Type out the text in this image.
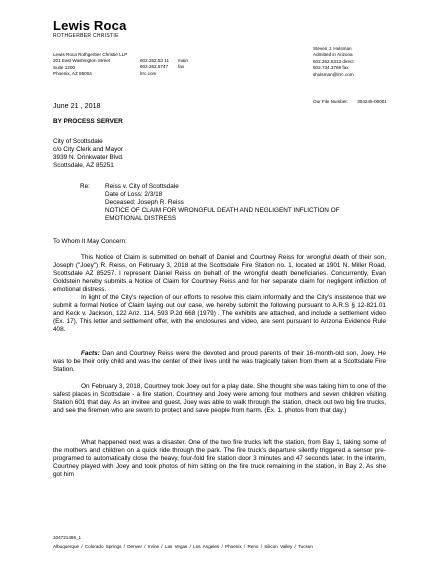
Lewis Roca
ROTHGERBER CHRISTIE
Lewis Roca Rothgerber Christie LLP
201 East Washington Street
Suite 1200
Phoenix, AZ 85004
602.262.53 11
602.262.5747
main
fax
lrrc.com
Steven J. Hulsman
Admitted in Arizona
602.262.5313 direct
602.734.3769 fax
shulsman@lrrc.com
June 21 , 2018	Our File Number: 304245-00001
BY PROCESS SERVER
City of Scottsdale
c/o City Clerk and Mayor
3939 N. Drinkwater Blvd.
Scottsdale, AZ 85251
Re: Reiss v. City of Scottsdale
Date of Loss: 2/3/18
Deceased: Joseph R. Reiss
NOTICE OF CLAIM FOR WRONGFUL DEATH AND NEGLIGENT INFLICTION OF
EMOTIONAL DISTRESS
To Whom It May Concern:

This Notice of Claim is submitted on behalf of Daniel and Courtney Reiss for wrongful death of their son, Joseph ("Joey") R. Reiss, on February 3, 2018 at the Scottsdale Fire Station no. 1, located at 1901 N. Miller Road, Scottsdale AZ 85257. I represent Daniel Reiss on behalf of the wrongful death beneficiaries. Concurrently, Evan Goldstein hereby submits a Notice of Claim for Courtney Reiss and for her separate claim for negligent infliction of emotional distress.

In light of the City's rejection of our efforts to resolve this claim informally and the City's insistence that we submit a formal Notice of Claim laying out our case, we hereby submit the following pursuant to A.R.S § 12-821.01 and Keck v. Jackson, 122 Ariz. 114, 593 P.2d 668 (1979) . The exhibits are attached, and include a settlement video (Ex. 17). This letter and settlement offer, with the enclosures and video, are sent pursuant to Arizona Evidence Rule 408.

Facts: Dan and Courtney Reiss were the devoted and proud parents of their 16-month-old son, Joey. He was to be their only child and was the center of their lives until he was tragically taken from them at a Scottsdale Fire Station.

On February 3, 2018, Courtney took Joey out for a play date. She thought she was taking him to one of the safest places in Scottsdale - a fire station. Courtney and Joey were among four mothers and seven children visiting Station 601 that day. As an invitee and guest, Joey was able to walk through the station, check out two big fire trucks, and see the firemen who are sworn to protect and save people from harm. (Ex. 1, photos from that day.)

What happened next was a disaster. One of the two fire trucks left the station, from Bay 1, taking some of the mothers and children on a quick ride through the park. The fire truck's departure silently triggered a sensor pre-programed to automatically close the heavy, four-fold fire station door 3 minutes and 47 seconds later. In the interim, Courtney played with Joey and took photos of him sitting on the fire truck remaining in the station, in Bay 2. As she got him

104721486_1
Albuquerque / Colorado Springs / Denver / Irvine / Las Vegas / Los Angeles / Phoenix / Reno / Silicon Valley / Tucson
